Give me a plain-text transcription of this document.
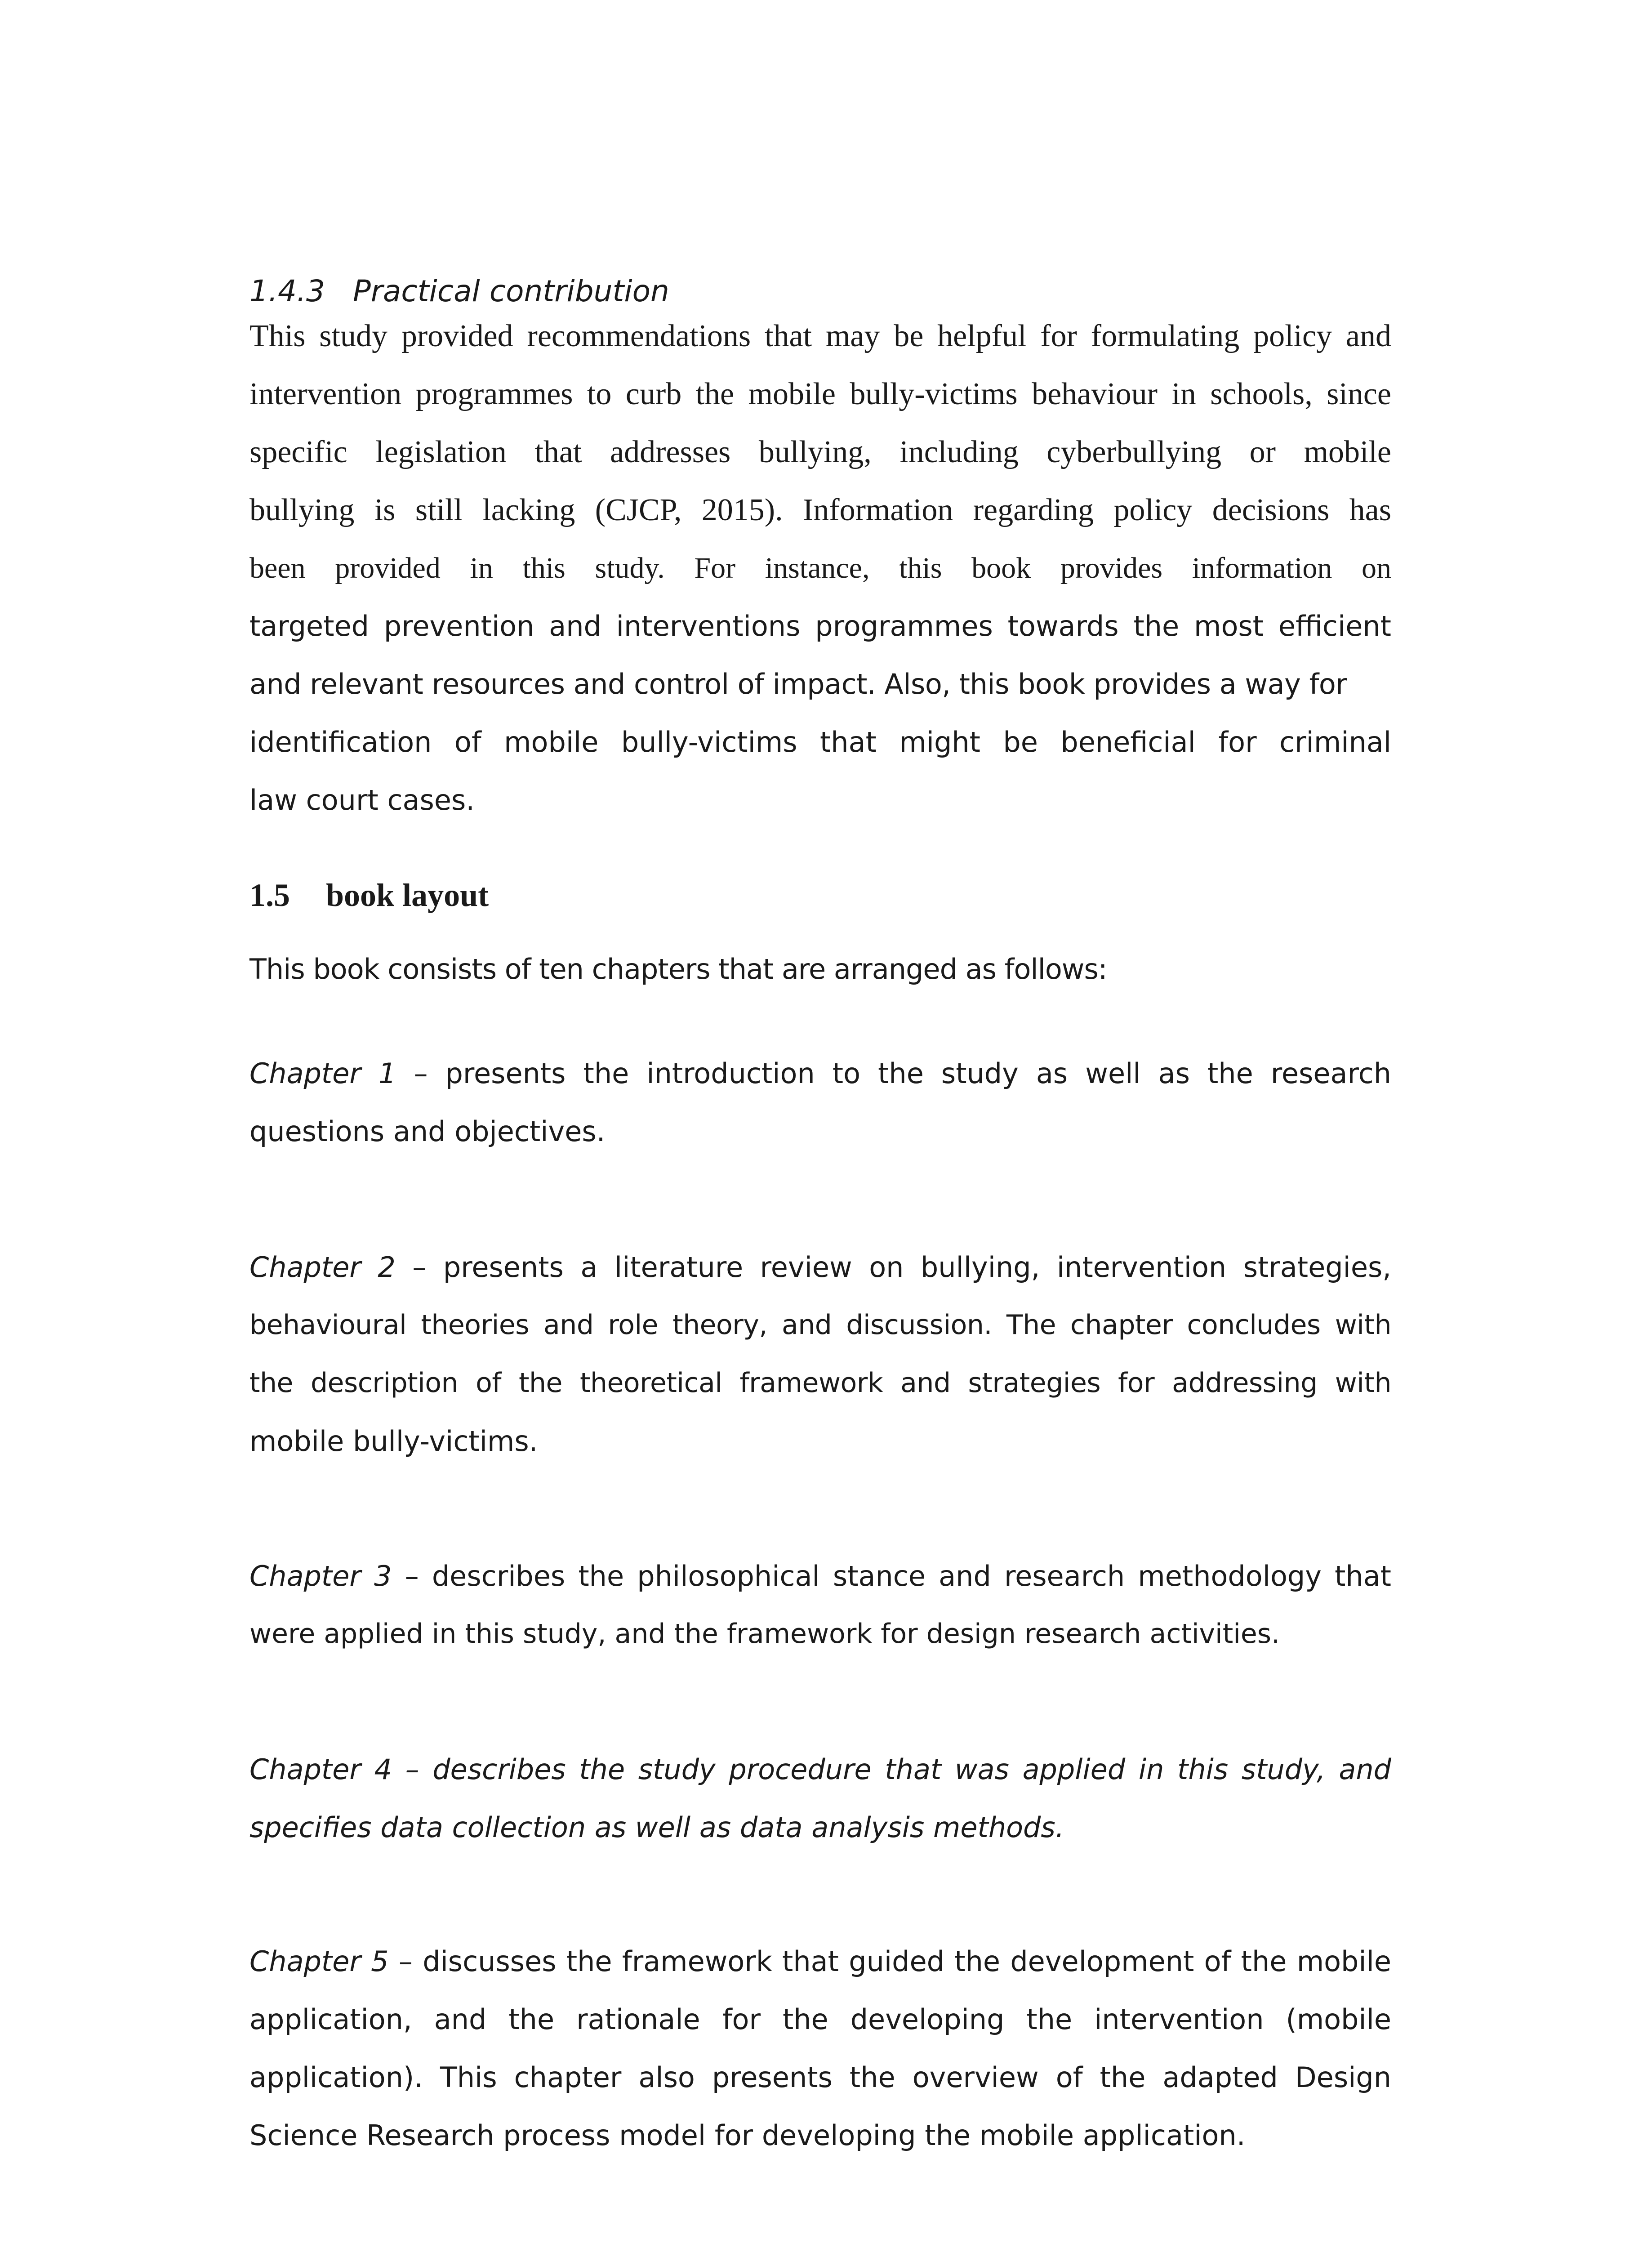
1.4.3 Practical contribution
This study provided recommendations that may be helpful for formulating policy and
intervention programmes to curb the mobile bully-victims behaviour in schools, since
specific legislation that addresses bullying, including cyberbullying or mobile
bullying is still lacking (CJCP, 2015). Information regarding policy decisions has
been provided in this study. For instance, this book provides information on
targeted prevention and interventions programmes towards the most efficient
and relevant resources and control of impact. Also, this book provides a way for
identification of mobile bully-victims that might be beneficial for criminal
law court cases.
1.5 book layout
This book consists of ten chapters that are arranged as follows:
Chapter 1 – presents the introduction to the study as well as the research
questions and objectives.
Chapter 2 – presents a literature review on bullying, intervention strategies,
behavioural theories and role theory, and discussion. The chapter concludes with
the description of the theoretical framework and strategies for addressing with
mobile bully-victims.
Chapter 3 – describes the philosophical stance and research methodology that
were applied in this study, and the framework for design research activities.
Chapter 4 – describes the study procedure that was applied in this study, and
specifies data collection as well as data analysis methods.
Chapter 5 – discusses the framework that guided the development of the mobile
application, and the rationale for the developing the intervention (mobile
application). This chapter also presents the overview of the adapted Design
Science Research process model for developing the mobile application.
